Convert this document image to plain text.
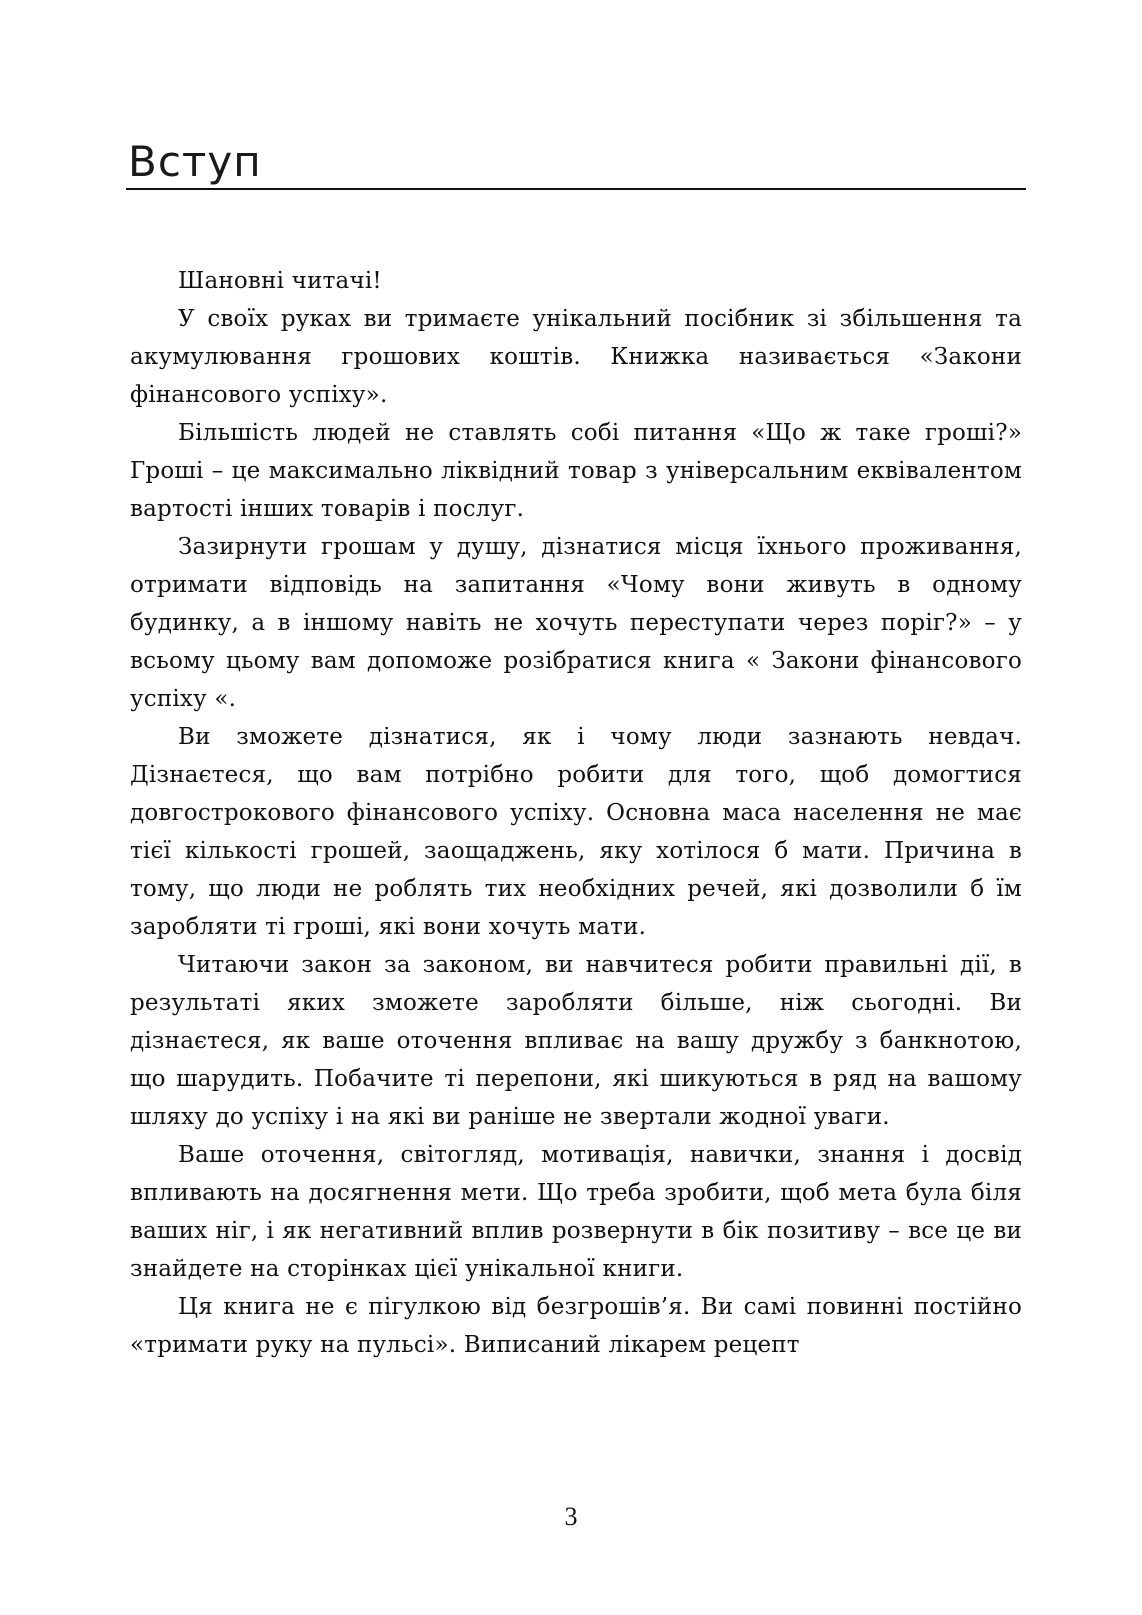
Вступ

Шановні читачі!

У своїх руках ви тримаєте унікальний посібник зі збільшення та акумулювання грошових коштів. Книжка називається «Закони фінансового успіху».

Більшість людей не ставлять собі питання «Що ж таке гроші?» Гроші – це максимально ліквідний товар з універсальним еквівалентом вартості інших товарів і послуг.

Зазирнути грошам у душу, дізнатися місця їхнього проживання, отримати відповідь на запитання «Чому вони живуть в одному будинку, а в іншому навіть не хочуть переступати через поріг?» – у всьому цьому вам допоможе розібратися книга « Закони фінансового успіху «.

Ви зможете дізнатися, як і чому люди зазнають невдач. Дізнаєтеся, що вам потрібно робити для того, щоб домогтися довгострокового фінансового успіху. Основна маса населення не має тієї кількості грошей, заощаджень, яку хотілося б мати. Причина в тому, що люди не роблять тих необхідних речей, які дозволили б їм заробляти ті гроші, які вони хочуть мати.

Читаючи закон за законом, ви навчитеся робити правильні дії, в результаті яких зможете заробляти більше, ніж сьогодні. Ви дізнаєтеся, як ваше оточення впливає на вашу дружбу з банкнотою, що шарудить. Побачите ті перепони, які шикуються в ряд на вашому шляху до успіху і на які ви раніше не звертали жодної уваги.

Ваше оточення, світогляд, мотивація, навички, знання і досвід впливають на досягнення мети. Що треба зробити, щоб мета була біля ваших ніг, і як негативний вплив розвернути в бік позитиву – все це ви знайдете на сторінках цієї унікальної книги.

Ця книга не є пігулкою від безгрошів’я. Ви самі повинні постійно «тримати руку на пульсі». Виписаний лікарем рецепт

3
